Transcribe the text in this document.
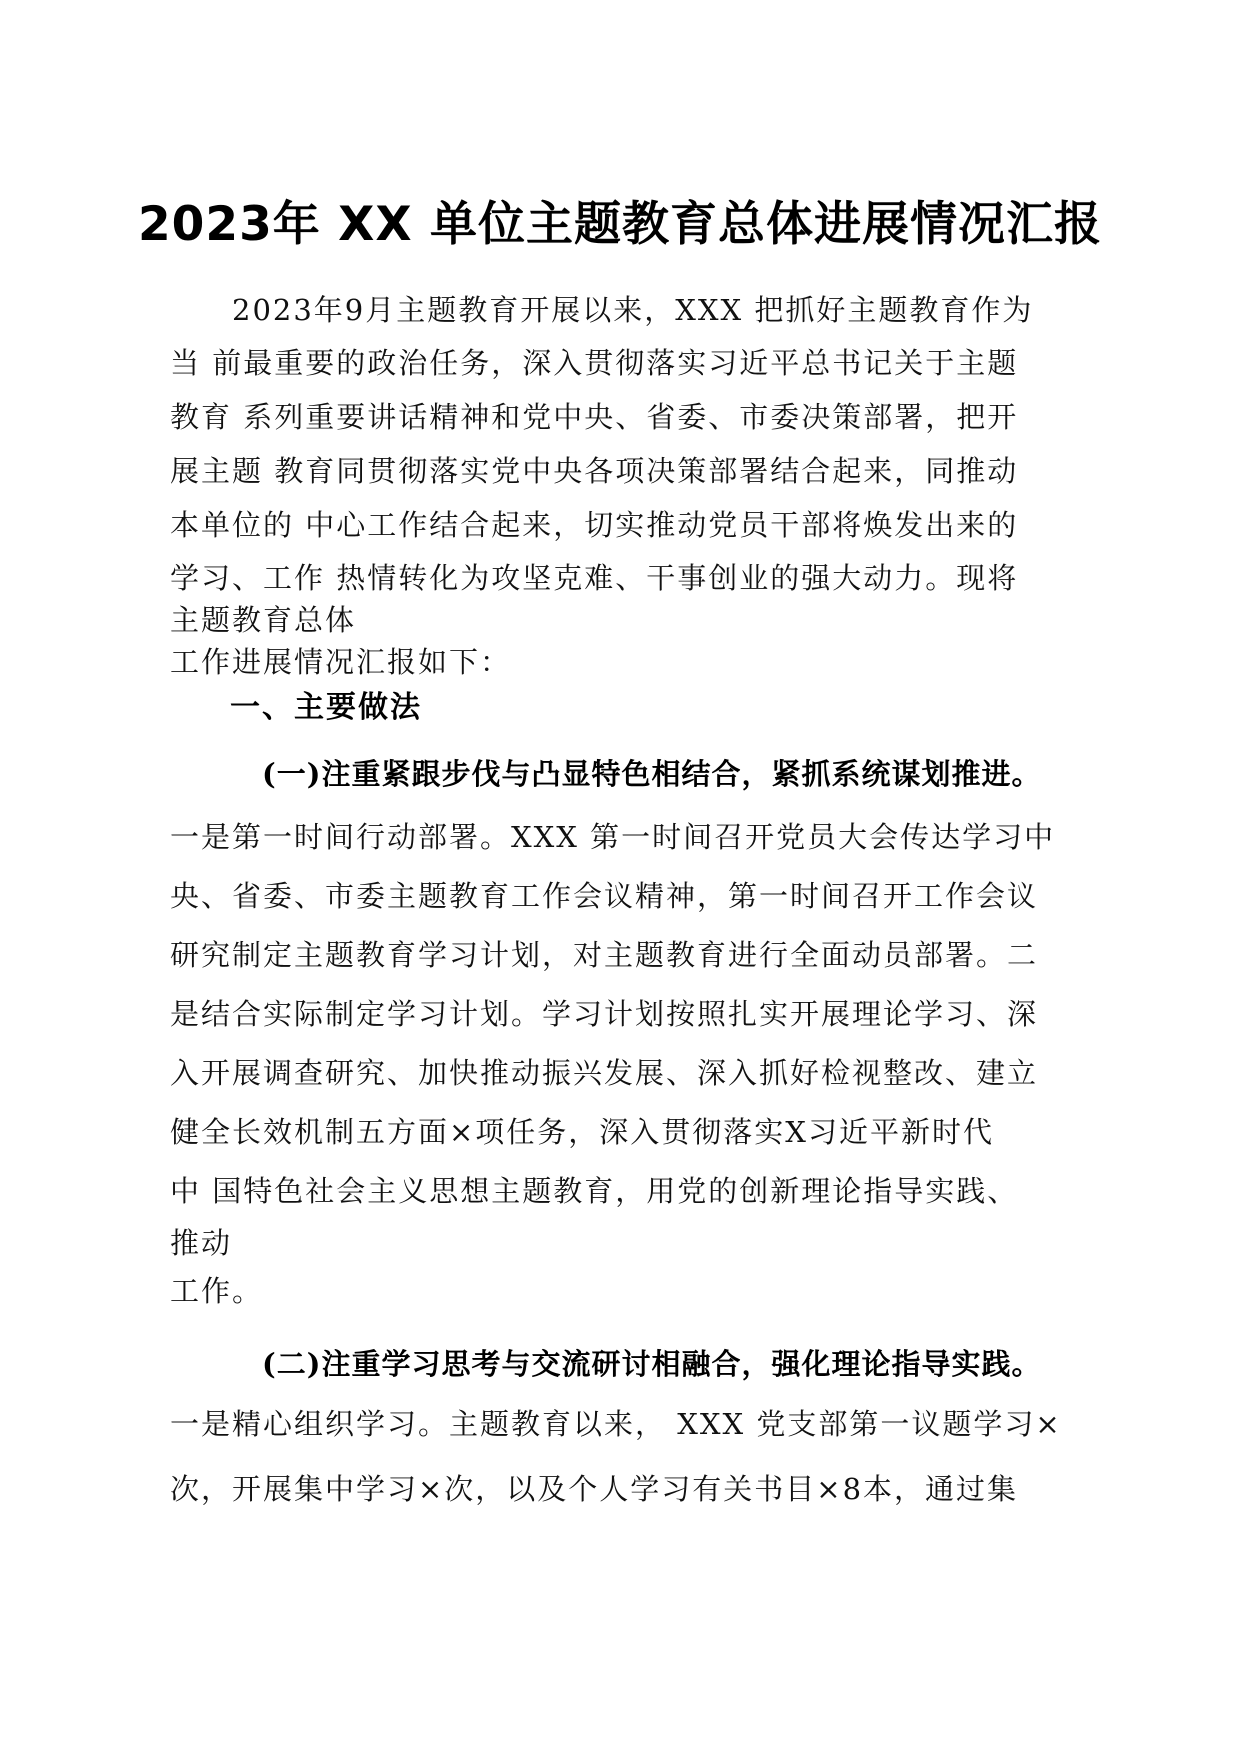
2023年 XX 单位主题教育总体进展情况汇报

2023年9月主题教育开展以来，XXX 把抓好主题教育作为

当 前最重要的政治任务，深入贯彻落实习近平总书记关于主题

教育 系列重要讲话精神和党中央、省委、市委决策部署，把开

展主题 教育同贯彻落实党中央各项决策部署结合起来，同推动

本单位的 中心工作结合起来，切实推动党员干部将焕发出来的

学习、工作 热情转化为攻坚克难、干事创业的强大动力。现将

主题教育总体

工作进展情况汇报如下：

一、主要做法
(一)注重紧跟步伐与凸显特色相结合，紧抓系统谋划推进。

一是第一时间行动部署。XXX 第一时间召开党员大会传达学习中

央、省委、市委主题教育工作会议精神，第一时间召开工作会议

研究制定主题教育学习计划，对主题教育进行全面动员部署。二

是结合实际制定学习计划。学习计划按照扎实开展理论学习、深

入开展调查研究、加快推动振兴发展、深入抓好检视整改、建立

健全长效机制五方面×项任务，深入贯彻落实X习近平新时代

中 国特色社会主义思想主题教育，用党的创新理论指导实践、

推动

工作。

(二)注重学习思考与交流研讨相融合，强化理论指导实践。

一是精心组织学习。主题教育以来， XXX 党支部第一议题学习×

次，开展集中学习×次，以及个人学习有关书目×8本，通过集
